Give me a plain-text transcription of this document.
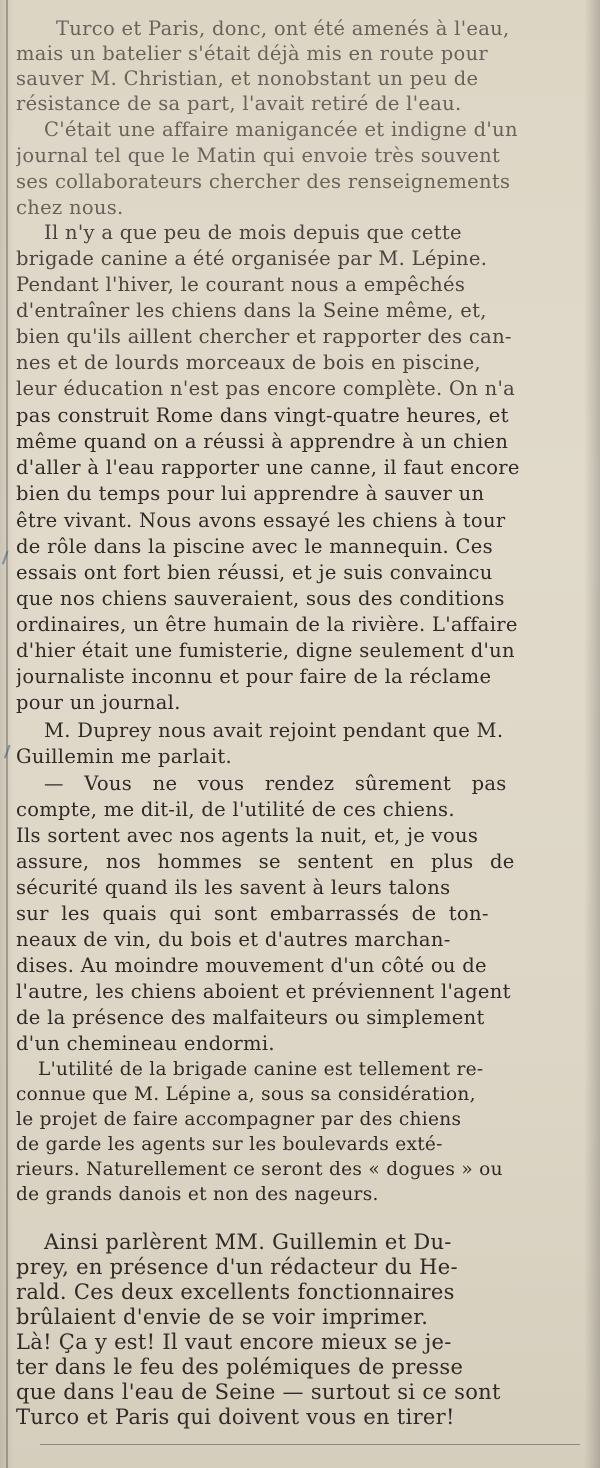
Turco et Paris, donc, ont été amenés à l'eau,
mais un batelier s'était déjà mis en route pour
sauver M. Christian, et nonobstant un peu de
résistance de sa part, l'avait retiré de l'eau.
C'était une affaire manigancée et indigne d'un
journal tel que le Matin qui envoie très souvent
ses collaborateurs chercher des renseignements
chez nous.
Il n'y a que peu de mois depuis que cette
brigade canine a été organisée par M. Lépine.
Pendant l'hiver, le courant nous a empêchés
d'entraîner les chiens dans la Seine même, et,
bien qu'ils aillent chercher et rapporter des can-
nes et de lourds morceaux de bois en piscine,
leur éducation n'est pas encore complète. On n'a
pas construit Rome dans vingt-quatre heures, et
même quand on a réussi à apprendre à un chien
d'aller à l'eau rapporter une canne, il faut encore
bien du temps pour lui apprendre à sauver un
être vivant. Nous avons essayé les chiens à tour
de rôle dans la piscine avec le mannequin. Ces
essais ont fort bien réussi, et je suis convaincu
que nos chiens sauveraient, sous des conditions
ordinaires, un être humain de la rivière. L'affaire
d'hier était une fumisterie, digne seulement d'un
journaliste inconnu et pour faire de la réclame
pour un journal.
M. Duprey nous avait rejoint pendant que M.
Guillemin me parlait.
— Vous ne vous rendez sûrement pas
compte, me dit-il, de l'utilité de ces chiens.
Ils sortent avec nos agents la nuit, et, je vous
assure, nos hommes se sentent en plus de
sécurité quand ils les savent à leurs talons
sur les quais qui sont embarrassés de ton-
neaux de vin, du bois et d'autres marchan-
dises. Au moindre mouvement d'un côté ou de
l'autre, les chiens aboient et préviennent l'agent
de la présence des malfaiteurs ou simplement
d'un chemineau endormi.
L'utilité de la brigade canine est tellement re-
connue que M. Lépine a, sous sa considération,
le projet de faire accompagner par des chiens
de garde les agents sur les boulevards exté-
rieurs. Naturellement ce seront des « dogues » ou
de grands danois et non des nageurs.
Ainsi parlèrent MM. Guillemin et Du-
prey, en présence d'un rédacteur du He-
rald. Ces deux excellents fonctionnaires
brûlaient d'envie de se voir imprimer.
Là! Ça y est! Il vaut encore mieux se je-
ter dans le feu des polémiques de presse
que dans l'eau de Seine — surtout si ce sont
Turco et Paris qui doivent vous en tirer!
